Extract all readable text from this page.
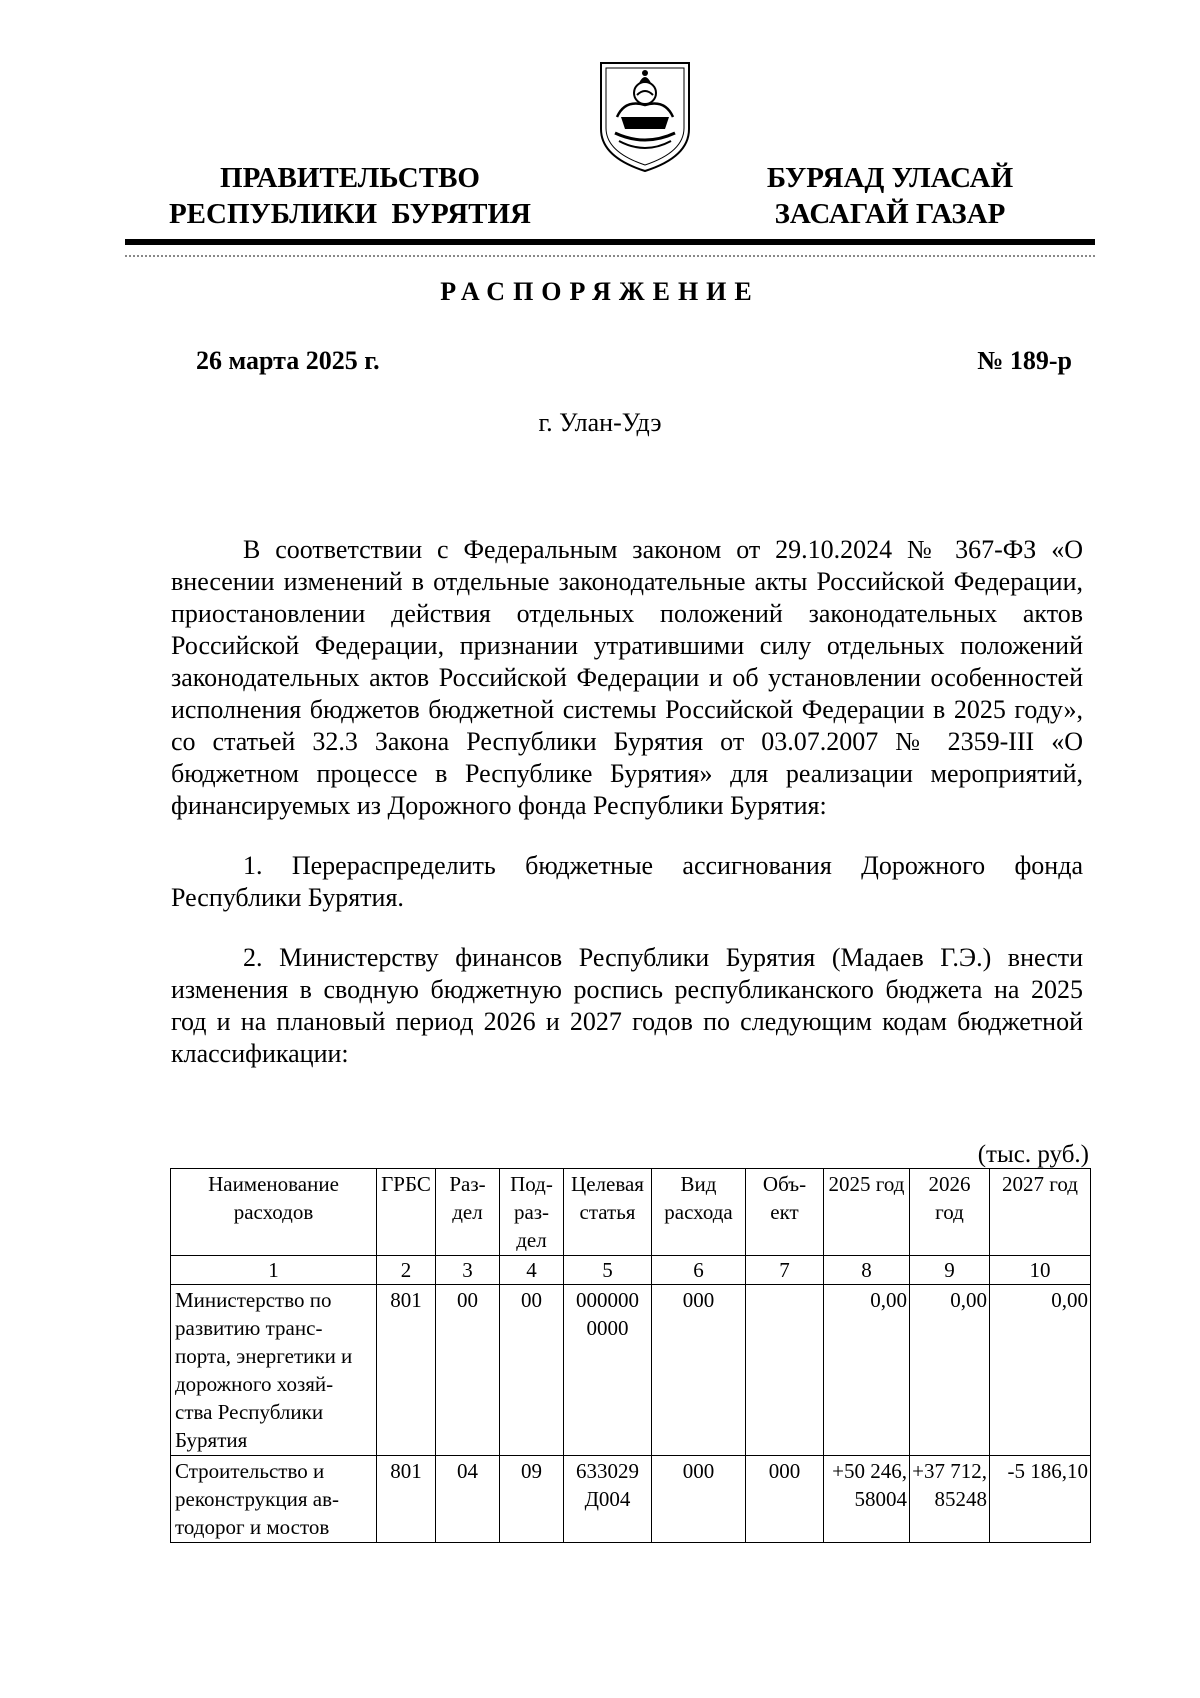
ПРАВИТЕЛЬСТВО
РЕСПУБЛИКИ  БУРЯТИЯ
БУРЯАД УЛАСАЙ
ЗАСАГАЙ ГАЗАР
РАСПОРЯЖЕНИЕ
26 марта 2025 г.	№ 189-р
г. Улан-Удэ

В соответствии с Федеральным законом от 29.10.2024 № 367-ФЗ «О внесении изменений в отдельные законодательные акты Российской Федерации, приостановлении действия отдельных положений законодательных актов Российской Федерации, признании утратившими силу отдельных положений законодательных актов Российской Федерации и об установлении особенностей исполнения бюджетов бюджетной системы Российской Федерации в 2025 году», со статьей 32.3 Закона Республики Бурятия от 03.07.2007 № 2359-III «О бюджетном процессе в Республике Бурятия» для реализации мероприятий, финансируемых из Дорожного фонда Республики Бурятия:

1. Перераспределить бюджетные ассигнования Дорожного фонда Республики Бурятия.

2. Министерству финансов Республики Бурятия (Мадаев Г.Э.) внести изменения в сводную бюджетную роспись республиканского бюджета на 2025 год и на плановый период 2026 и 2027 годов по следующим кодам бюджетной классификации:

(тыс. руб.)
Наименование расходов	ГРБС	Раз- дел	Под- раз- дел	Целевая статья	Вид расхода	Объ- ект	2025 год	2026 год	2027 год
1	2	3	4	5	6	7	8	9	10
Министерство по развитию транс- порта, энергетики и дорожного хозяй- ства Республики Бурятия	801	00	00	000000 0000	000		0,00	0,00	0,00
Строительство и реконструкция ав- тодорог и мостов	801	04	09	633029 Д004	000	000	+50 246, 58004	+37 712, 85248	-5 186,10
